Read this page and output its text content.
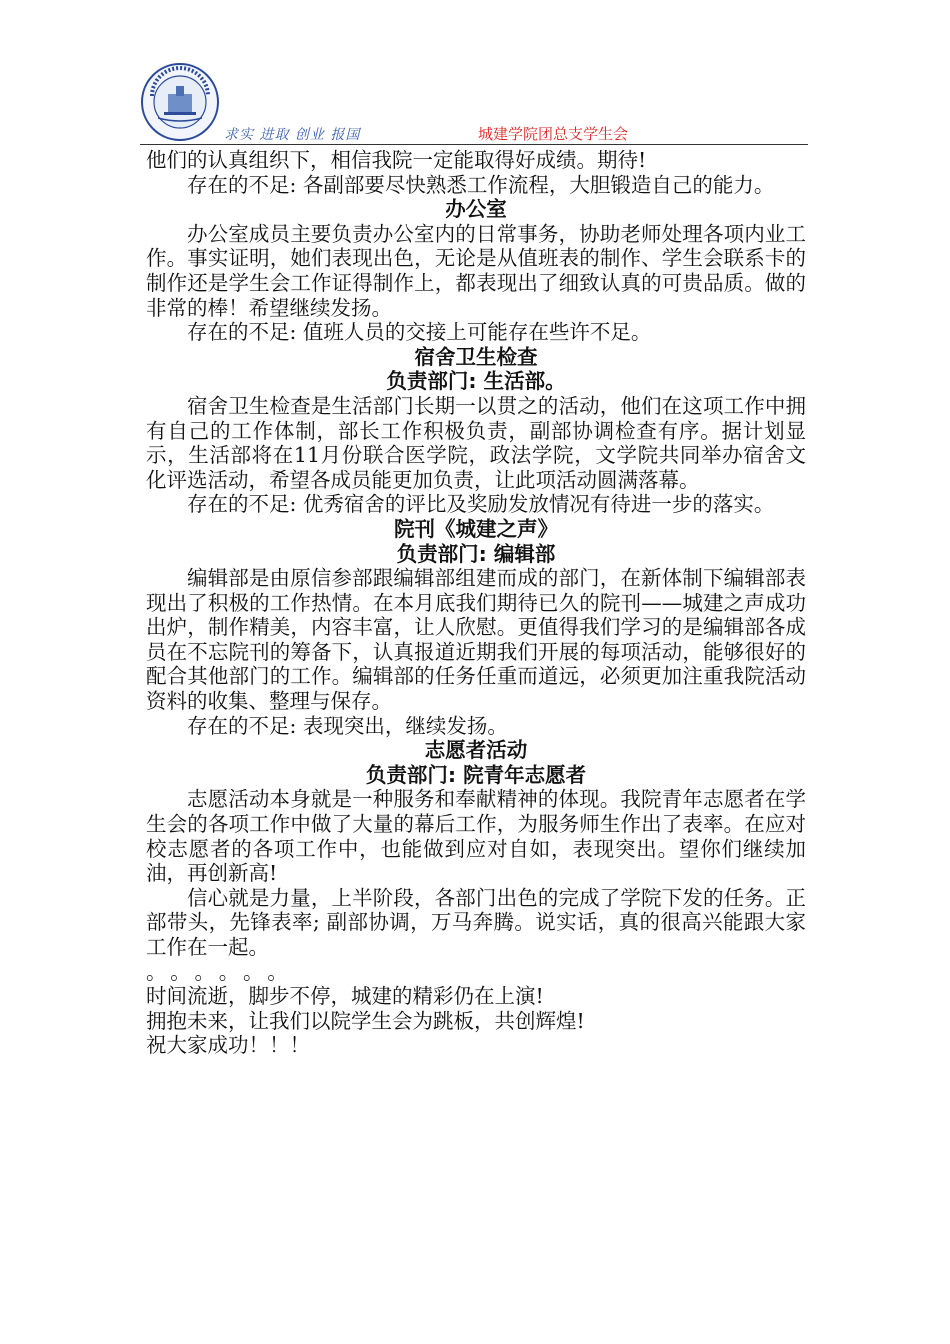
求实 进取 创业 报国	城建学院团总支学生会

他们的认真组织下，相信我院一定能取得好成绩。期待!

存在的不足: 各副部要尽快熟悉工作流程，大胆锻造自己的能力。

办公室

办公室成员主要负责办公室内的日常事务，协助老师处理各项内业工作。事实证明，她们表现出色，无论是从值班表的制作、学生会联系卡的制作还是学生会工作证得制作上，都表现出了细致认真的可贵品质。做的非常的棒！希望继续发扬。

存在的不足: 值班人员的交接上可能存在些许不足。

宿舍卫生检查

负责部门: 生活部。

宿舍卫生检查是生活部门长期一以贯之的活动，他们在这项工作中拥有自己的工作体制，部长工作积极负责，副部协调检查有序。据计划显示，生活部将在11月份联合医学院，政法学院，文学院共同举办宿舍文化评选活动，希望各成员能更加负责，让此项活动圆满落幕。

存在的不足: 优秀宿舍的评比及奖励发放情况有待进一步的落实。

院刊《城建之声》

负责部门: 编辑部

编辑部是由原信参部跟编辑部组建而成的部门，在新体制下编辑部表现出了积极的工作热情。在本月底我们期待已久的院刊——城建之声成功出炉，制作精美，内容丰富，让人欣慰。更值得我们学习的是编辑部各成员在不忘院刊的筹备下，认真报道近期我们开展的每项活动，能够很好的配合其他部门的工作。编辑部的任务任重而道远，必须更加注重我院活动资料的收集、整理与保存。

存在的不足: 表现突出，继续发扬。

志愿者活动

负责部门: 院青年志愿者

志愿活动本身就是一种服务和奉献精神的体现。我院青年志愿者在学生会的各项工作中做了大量的幕后工作，为服务师生作出了表率。在应对校志愿者的各项工作中，也能做到应对自如，表现突出。望你们继续加油，再创新高!

信心就是力量，上半阶段，各部门出色的完成了学院下发的任务。正部带头，先锋表率; 副部协调，万马奔腾。说实话，真的很高兴能跟大家工作在一起。

。。。。。。

时间流逝，脚步不停，城建的精彩仍在上演!

拥抱未来，让我们以院学生会为跳板，共创辉煌!

祝大家成功！！！
